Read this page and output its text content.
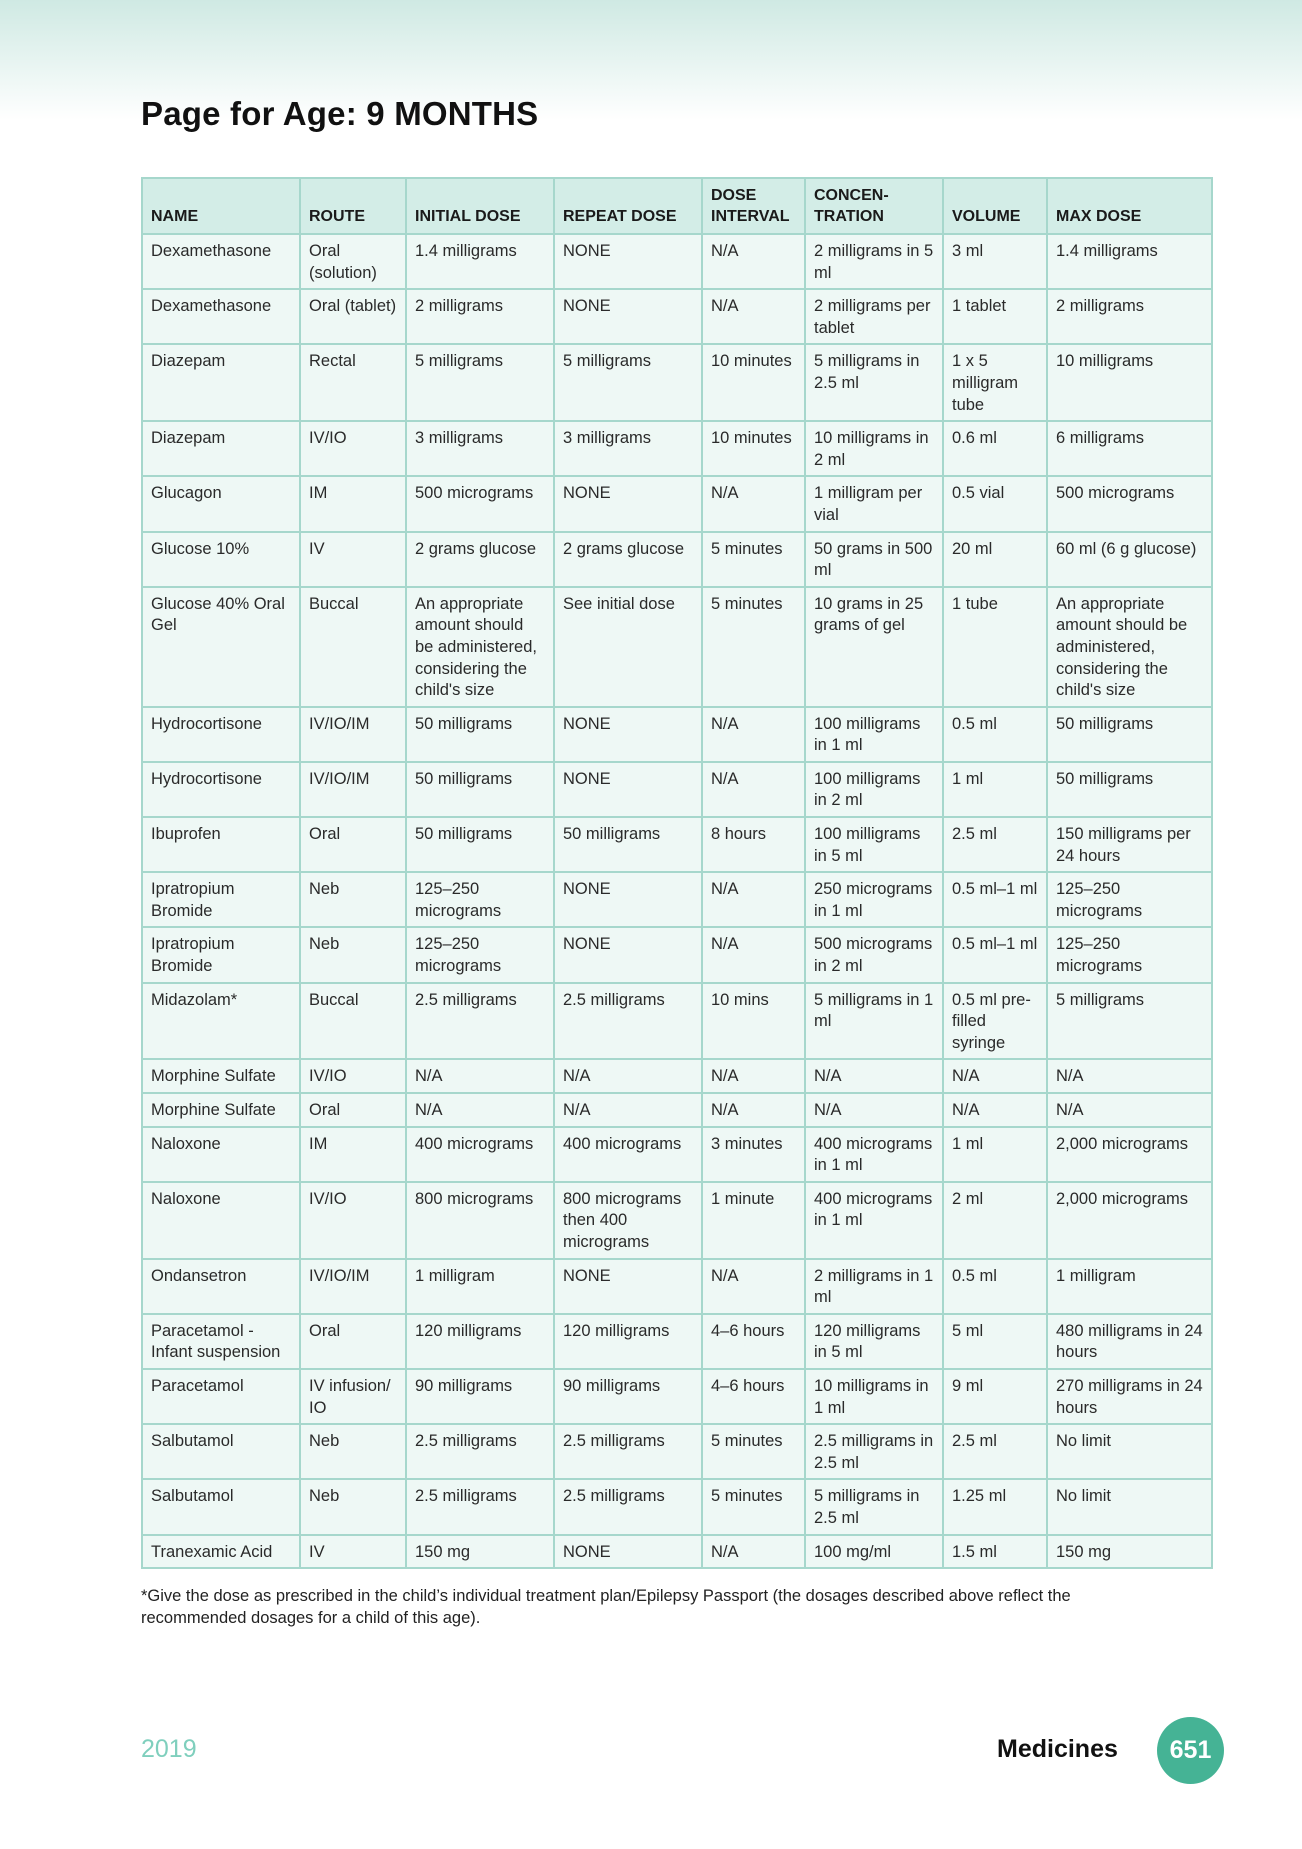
Page for Age: 9 MONTHS
NAME	ROUTE	INITIAL DOSE	REPEAT DOSE	DOSE INTERVAL	CONCEN- TRATION	VOLUME	MAX DOSE
Dexamethasone	Oral (solution)	1.4 milligrams	NONE	N/A	2 milligrams in 5 ml	3 ml	1.4 milligrams
Dexamethasone	Oral (tablet)	2 milligrams	NONE	N/A	2 milligrams per tablet	1 tablet	2 milligrams
Diazepam	Rectal	5 milligrams	5 milligrams	10 minutes	5 milligrams in 2.5 ml	1 x 5 milligram tube	10 milligrams
Diazepam	IV/IO	3 milligrams	3 milligrams	10 minutes	10 milligrams in 2 ml	0.6 ml	6 milligrams
Glucagon	IM	500 micrograms	NONE	N/A	1 milligram per vial	0.5 vial	500 micrograms
Glucose 10%	IV	2 grams glucose	2 grams glucose	5 minutes	50 grams in 500 ml	20 ml	60 ml (6 g glucose)
Glucose 40% Oral Gel	Buccal	An appropriate amount should be administered, considering the child's size	See initial dose	5 minutes	10 grams in 25 grams of gel	1 tube	An appropriate amount should be administered, considering the child's size
Hydrocortisone	IV/IO/IM	50 milligrams	NONE	N/A	100 milligrams in 1 ml	0.5 ml	50 milligrams
Hydrocortisone	IV/IO/IM	50 milligrams	NONE	N/A	100 milligrams in 2 ml	1 ml	50 milligrams
Ibuprofen	Oral	50 milligrams	50 milligrams	8 hours	100 milligrams in 5 ml	2.5 ml	150 milligrams per 24 hours
Ipratropium Bromide	Neb	125–250 micrograms	NONE	N/A	250 micrograms in 1 ml	0.5 ml–1 ml	125–250 micrograms
Ipratropium Bromide	Neb	125–250 micrograms	NONE	N/A	500 micrograms in 2 ml	0.5 ml–1 ml	125–250 micrograms
Midazolam*	Buccal	2.5 milligrams	2.5 milligrams	10 mins	5 milligrams in 1 ml	0.5 ml pre-filled syringe	5 milligrams
Morphine Sulfate	IV/IO	N/A	N/A	N/A	N/A	N/A	N/A
Morphine Sulfate	Oral	N/A	N/A	N/A	N/A	N/A	N/A
Naloxone	IM	400 micrograms	400 micrograms	3 minutes	400 micrograms in 1 ml	1 ml	2,000 micrograms
Naloxone	IV/IO	800 micrograms	800 micrograms then 400 micrograms	1 minute	400 micrograms in 1 ml	2 ml	2,000 micrograms
Ondansetron	IV/IO/IM	1 milligram	NONE	N/A	2 milligrams in 1 ml	0.5 ml	1 milligram
Paracetamol - Infant suspension	Oral	120 milligrams	120 milligrams	4–6 hours	120 milligrams in 5 ml	5 ml	480 milligrams in 24 hours
Paracetamol	IV infusion/ IO	90 milligrams	90 milligrams	4–6 hours	10 milligrams in 1 ml	9 ml	270 milligrams in 24 hours
Salbutamol	Neb	2.5 milligrams	2.5 milligrams	5 minutes	2.5 milligrams in 2.5 ml	2.5 ml	No limit
Salbutamol	Neb	2.5 milligrams	2.5 milligrams	5 minutes	5 milligrams in 2.5 ml	1.25 ml	No limit
Tranexamic Acid	IV	150 mg	NONE	N/A	100 mg/ml	1.5 ml	150 mg

*Give the dose as prescribed in the child’s individual treatment plan/Epilepsy Passport (the dosages described above reflect the recommended dosages for a child of this age).

2019	Medicines	651
